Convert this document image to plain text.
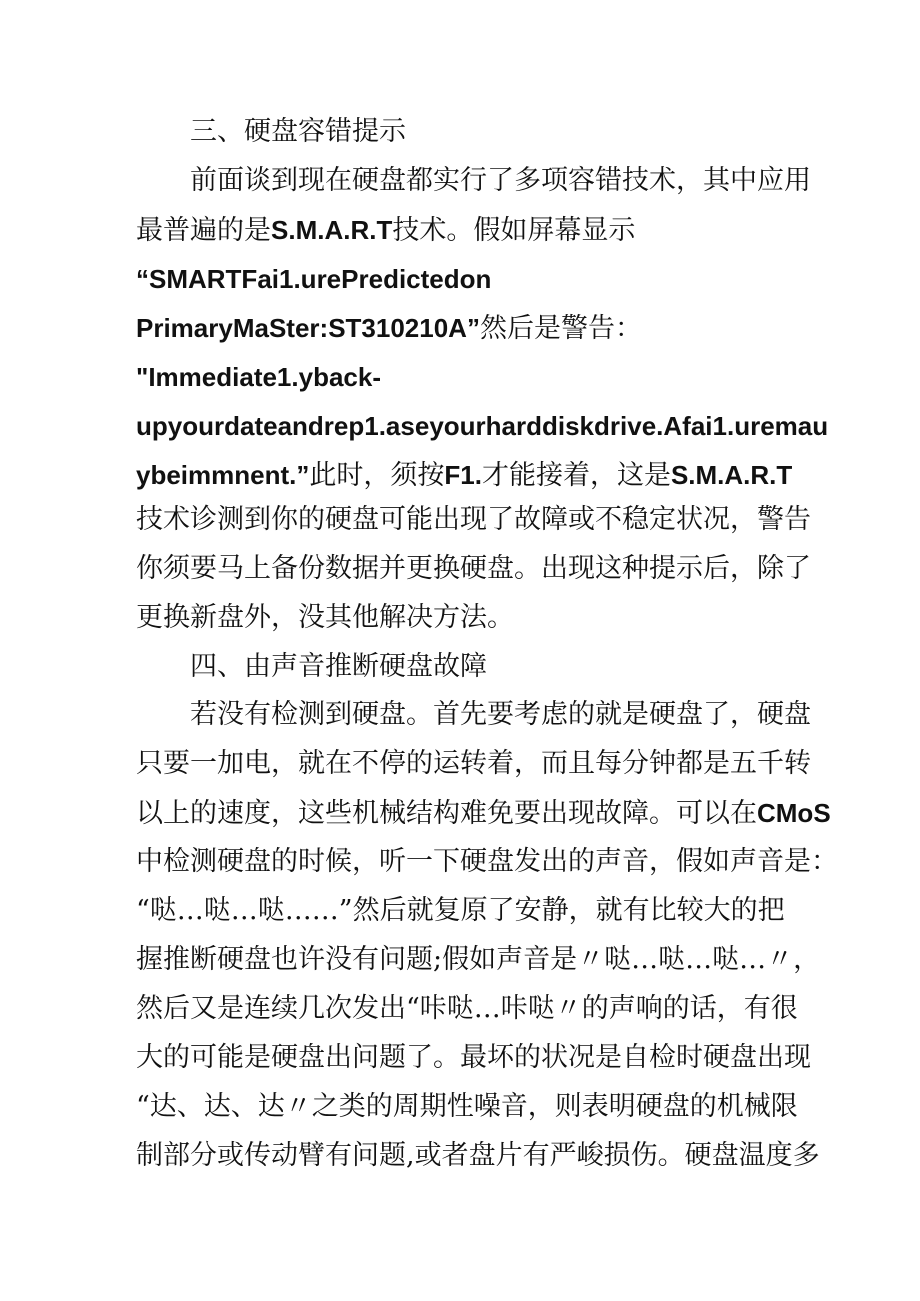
三、硬盘容错提示
前面谈到现在硬盘都实行了多项容错技术，其中应用
最普遍的是S.M.A.R.T技术。假如屏幕显示
“SMARTFai1.urePredictedon
PrimaryMaSter:ST310210A”然后是警告：
"Immediate1.yback-
upyourdateandrep1.aseyourharddiskdrive.Afai1.uremau
ybeimmnent.”此时，须按F1.才能接着，这是S.M.A.R.T
技术诊测到你的硬盘可能出现了故障或不稳定状况，警告
你须要马上备份数据并更换硬盘。出现这种提示后，除了
更换新盘外，没其他解决方法。
四、由声音推断硬盘故障
若没有检测到硬盘。首先要考虑的就是硬盘了，硬盘
只要一加电，就在不停的运转着，而且每分钟都是五千转
以上的速度，这些机械结构难免要出现故障。可以在CMoS
中检测硬盘的时候，听一下硬盘发出的声音，假如声音是：
“哒…哒…哒……”然后就复原了安静，就有比较大的把
握推断硬盘也许没有问题;假如声音是〃哒…哒…哒…〃，
然后又是连续几次发出“咔哒…咔哒〃的声响的话，有很
大的可能是硬盘出问题了。最坏的状况是自检时硬盘出现
“达、达、达〃之类的周期性噪音，则表明硬盘的机械限
制部分或传动臂有问题,或者盘片有严峻损伤。硬盘温度多
